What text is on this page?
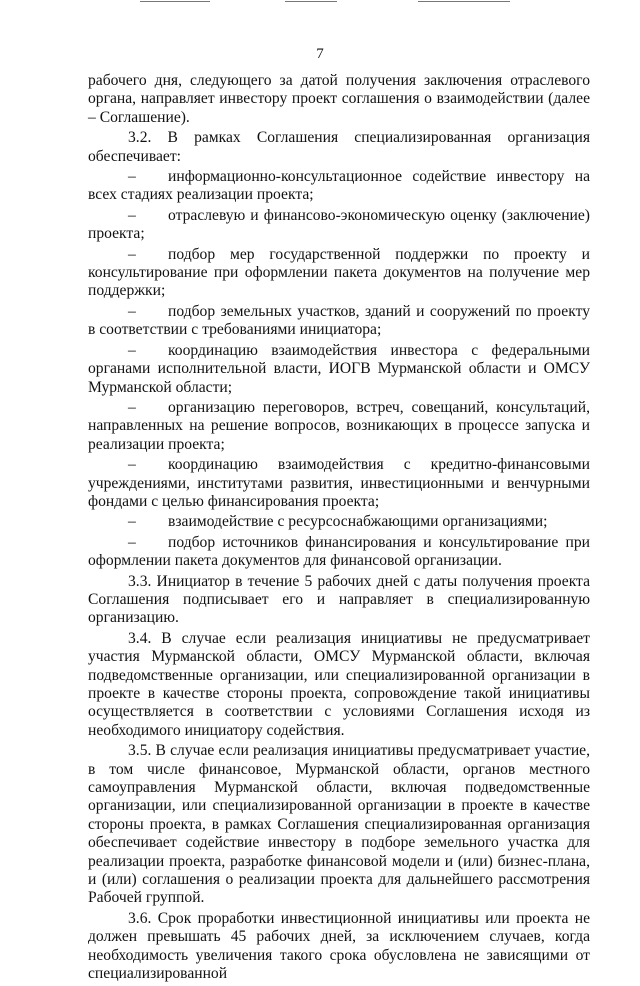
7

рабочего дня, следующего за датой получения заключения отраслевого органа, направляет инвестору проект соглашения о взаимодействии (далее – Соглашение).

3.2. В рамках Соглашения специализированная организация обеспечивает:

– информационно-консультационное содействие инвестору на всех стадиях реализации проекта;

– отраслевую и финансово-экономическую оценку (заключение) проекта;

– подбор мер государственной поддержки по проекту и консультирование при оформлении пакета документов на получение мер поддержки;

– подбор земельных участков, зданий и сооружений по проекту в соответствии с требованиями инициатора;

– координацию взаимодействия инвестора с федеральными органами исполнительной власти, ИОГВ Мурманской области и ОМСУ Мурманской области;

– организацию переговоров, встреч, совещаний, консультаций, направленных на решение вопросов, возникающих в процессе запуска и реализации проекта;

– координацию взаимодействия с кредитно-финансовыми учреждениями, институтами развития, инвестиционными и венчурными фондами с целью финансирования проекта;

– взаимодействие с ресурсоснабжающими организациями;

– подбор источников финансирования и консультирование при оформлении пакета документов для финансовой организации.

3.3. Инициатор в течение 5 рабочих дней с даты получения проекта Соглашения подписывает его и направляет в специализированную организацию.

3.4. В случае если реализация инициативы не предусматривает участия Мурманской области, ОМСУ Мурманской области, включая подведомственные организации, или специализированной организации в проекте в качестве стороны проекта, сопровождение такой инициативы осуществляется в соответствии с условиями Соглашения исходя из необходимого инициатору содействия.

3.5. В случае если реализация инициативы предусматривает участие, в том числе финансовое, Мурманской области, органов местного самоуправления Мурманской области, включая подведомственные организации, или специализированной организации в проекте в качестве стороны проекта, в рамках Соглашения специализированная организация обеспечивает содействие инвестору в подборе земельного участка для реализации проекта, разработке финансовой модели и (или) бизнес-плана, и (или) соглашения о реализации проекта для дальнейшего рассмотрения Рабочей группой.

3.6. Срок проработки инвестиционной инициативы или проекта не должен превышать 45 рабочих дней, за исключением случаев, когда необходимость увеличения такого срока обусловлена не зависящими от специализированной
